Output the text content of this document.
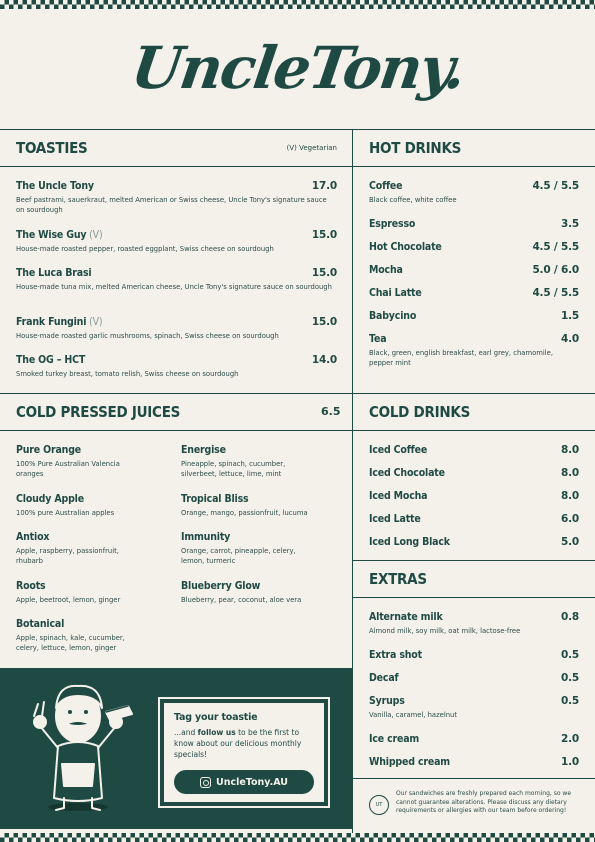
UncleTony.
TOASTIES	(V) Vegetarian
The Uncle Tony	17.0
Beef pastrami, sauerkraut, melted American or Swiss cheese, Uncle Tony's signature sauce on sourdough
The Wise Guy (V)	15.0
House-made roasted pepper, roasted eggplant, Swiss cheese on sourdough
The Luca Brasi	15.0
House-made tuna mix, melted American cheese, Uncle Tony's signature sauce on sourdough
Frank Fungini (V)	15.0
House-made roasted garlic mushrooms, spinach, Swiss cheese on sourdough
The OG – HCT	14.0
Smoked turkey breast, tomato relish, Swiss cheese on sourdough
HOT DRINKS
Coffee	4.5 / 5.5
Black coffee, white coffee
Espresso	3.5
Hot Chocolate	4.5 / 5.5
Mocha	5.0 / 6.0
Chai Latte	4.5 / 5.5
Babycino	1.5
Tea	4.0
Black, green, english breakfast, earl grey, chamomile, pepper mint
COLD PRESSED JUICES	6.5
Pure Orange
100% Pure Australian Valencia oranges
Cloudy Apple
100% pure Australian apples
Antiox
Apple, raspberry, passionfruit, rhubarb
Roots
Apple, beetroot, lemon, ginger
Botanical
Apple, spinach, kale, cucumber, celery, lettuce, lemon, ginger
Energise
Pineapple, spinach, cucumber, silverbeet, lettuce, lime, mint
Tropical Bliss
Orange, mango, passionfruit, lucuma
Immunity
Orange, carrot, pineapple, celery, lemon, turmeric
Blueberry Glow
Blueberry, pear, coconut, aloe vera
COLD DRINKS
Iced Coffee	8.0
Iced Chocolate	8.0
Iced Mocha	8.0
Iced Latte	6.0
Iced Long Black	5.0
EXTRAS
Alternate milk	0.8
Almond milk, soy milk, oat milk, lactose-free
Extra shot	0.5
Decaf	0.5
Syrups	0.5
Vanilla, caramel, hazelnut
Ice cream	2.0
Whipped cream	1.0
Tag your toastie
...and follow us to be the first to know about our delicious monthly specials!
UncleTony.AU
UT
Our sandwiches are freshly prepared each morning, so we cannot guarantee alterations. Please discuss any dietary requirements or allergies with our team before ordering!
